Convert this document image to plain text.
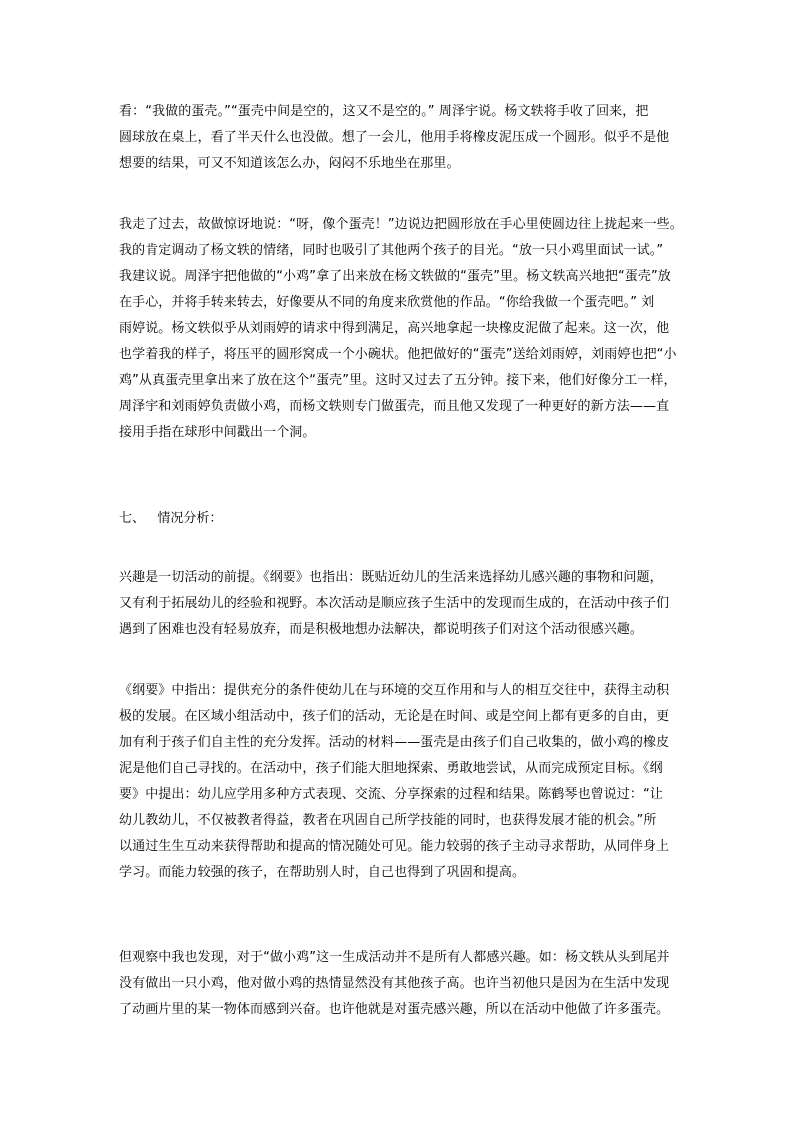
看：“我做的蛋壳。”“蛋壳中间是空的，这又不是空的。” 周泽宇说。杨文轶将手收了回来，把
圆球放在桌上，看了半天什么也没做。想了一会儿，他用手将橡皮泥压成一个圆形。似乎不是他
想要的结果，可又不知道该怎么办，闷闷不乐地坐在那里。
我走了过去，故做惊讶地说：“呀，像个蛋壳！”边说边把圆形放在手心里使圆边往上拢起来一些。
我的肯定调动了杨文轶的情绪，同时也吸引了其他两个孩子的目光。“放一只小鸡里面试一试。”
我建议说。周泽宇把他做的“小鸡”拿了出来放在杨文轶做的“蛋壳”里。杨文轶高兴地把“蛋壳”放
在手心，并将手转来转去，好像要从不同的角度来欣赏他的作品。“你给我做一个蛋壳吧。” 刘
雨婷说。杨文轶似乎从刘雨婷的请求中得到满足，高兴地拿起一块橡皮泥做了起来。这一次，他
也学着我的样子，将压平的圆形窝成一个小碗状。他把做好的“蛋壳”送给刘雨婷，刘雨婷也把“小
鸡”从真蛋壳里拿出来了放在这个“蛋壳”里。这时又过去了五分钟。接下来，他们好像分工一样，
周泽宇和刘雨婷负责做小鸡，而杨文轶则专门做蛋壳，而且他又发现了一种更好的新方法——直
接用手指在球形中间戳出一个洞。
七、   情况分析：
兴趣是一切活动的前提。《纲要》也指出：既贴近幼儿的生活来选择幼儿感兴趣的事物和问题，
又有利于拓展幼儿的经验和视野。本次活动是顺应孩子生活中的发现而生成的，在活动中孩子们
遇到了困难也没有轻易放弃，而是积极地想办法解决，都说明孩子们对这个活动很感兴趣。
《纲要》中指出：提供充分的条件使幼儿在与环境的交互作用和与人的相互交往中，获得主动积
极的发展。在区域小组活动中，孩子们的活动，无论是在时间、或是空间上都有更多的自由，更
加有利于孩子们自主性的充分发挥。活动的材料——蛋壳是由孩子们自己收集的，做小鸡的橡皮
泥是他们自己寻找的。在活动中，孩子们能大胆地探索、勇敢地尝试，从而完成预定目标。《纲
要》中提出：幼儿应学用多种方式表现、交流、分享探索的过程和结果。陈鹤琴也曾说过：“让
幼儿教幼儿，不仅被教者得益，教者在巩固自己所学技能的同时，也获得发展才能的机会。”所
以通过生生互动来获得帮助和提高的情况随处可见。能力较弱的孩子主动寻求帮助，从同伴身上
学习。而能力较强的孩子，在帮助别人时，自己也得到了巩固和提高。
但观察中我也发现，对于“做小鸡”这一生成活动并不是所有人都感兴趣。如：杨文轶从头到尾并
没有做出一只小鸡，他对做小鸡的热情显然没有其他孩子高。也许当初他只是因为在生活中发现
了动画片里的某一物体而感到兴奋。也许他就是对蛋壳感兴趣，所以在活动中他做了许多蛋壳。
